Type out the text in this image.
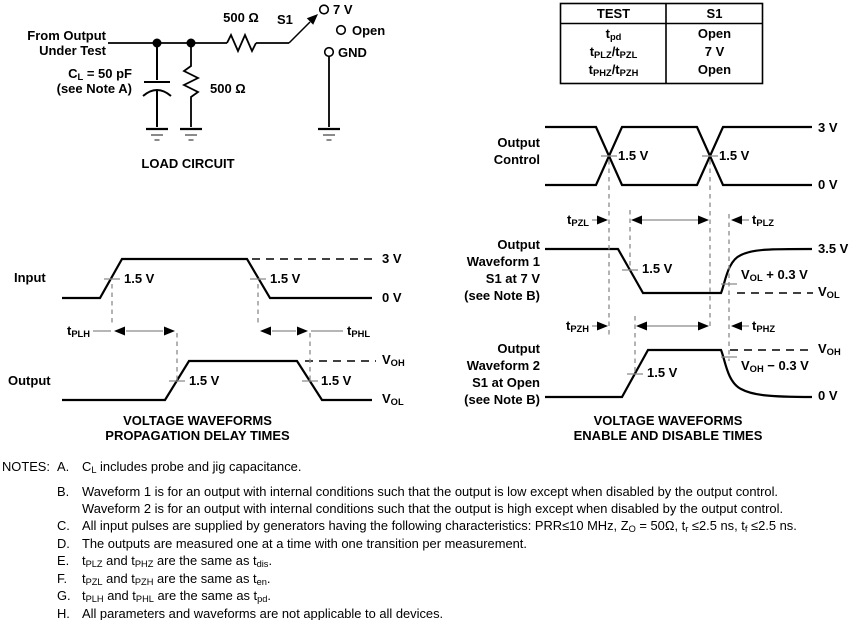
From Output
Under Test
$C_L = 50$ pF
(see Note A)
500 Ω
500 Ω
S1
7 V
Open
GND
LOAD CIRCUIT
TEST	S1
$t_{pd}$	Open
$t_{PLZ}/t_{PZL}$	7 V
$t_{PHZ}/t_{PZH}$	Open
Input	1.5 V	1.5 V
3 V
0 V
$t_{PLH}$	$t_{PHL}$
Output	1.5 V	1.5 V
$V_{OH}$
$V_{OL}$
VOLTAGE WAVEFORMS
PROPAGATION DELAY TIMES
Output
Control	1.5 V	1.5 V
3 V
0 V
$t_{PZL}$	$t_{PLZ}$
Output
Waveform 1
S1 at 7 V
(see Note B)
3.5 V
1.5 V	$V_{OL} + 0.3$ V
$V_{OL}$
$t_{PZH}$	$t_{PHZ}$
Output
Waveform 2
S1 at Open
(see Note B)
$V_{OH}$
$V_{OH} - 0.3$ V
1.5 V
0 V
VOLTAGE WAVEFORMS
ENABLE AND DISABLE TIMES
NOTES: A. $C_L$ includes probe and jig capacitance.
B. Waveform 1 is for an output with internal conditions such that the output is low except when disabled by the output control.
Waveform 2 is for an output with internal conditions such that the output is high except when disabled by the output control.
C. All input pulses are supplied by generators having the following characteristics: PRR≤10 MHz, $Z_O = 50\Omega$, $t_r \le 2.5$ ns, $t_f \le 2.5$ ns.
D. The outputs are measured one at a time with one transition per measurement.
E. $t_{PLZ}$ and $t_{PHZ}$ are the same as $t_{dis}$.
F. $t_{PZL}$ and $t_{PZH}$ are the same as $t_{en}$.
G. $t_{PLH}$ and $t_{PHL}$ are the same as $t_{pd}$.
H. All parameters and waveforms are not applicable to all devices.
